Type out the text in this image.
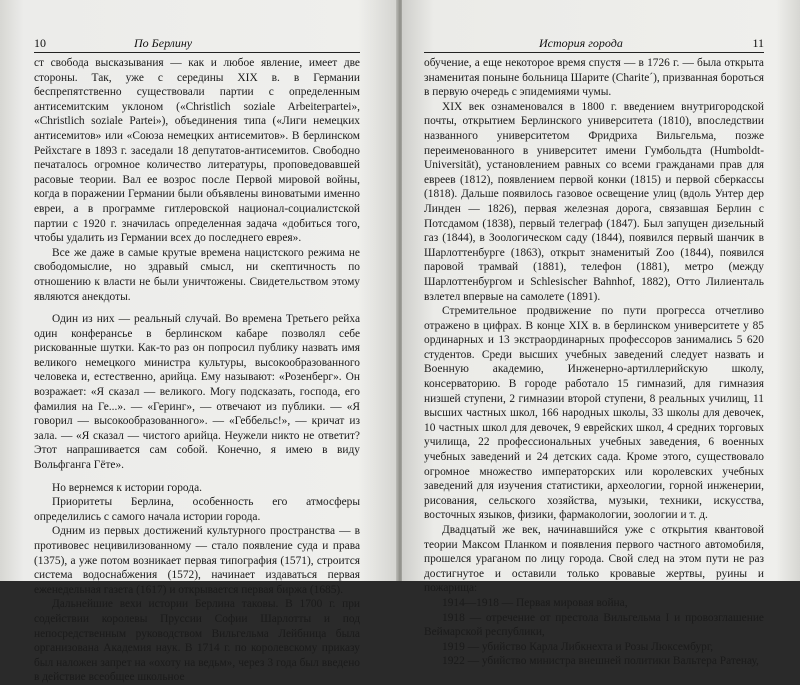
10	По Берлину

ст свобода высказывания — как и любое явление, имеет две стороны. Так, уже с середины XIX в. в Германии беспрепятственно существовали партии с определенным антисемитским уклоном («Christlich soziale Arbeiterpartei», «Christlich soziale Partei»), объединения типа («Лиги немецких антисемитов» или «Союза немецких антисемитов». В берлинском Рейхстаге в 1893 г. заседали 18 депутатов-антисемитов. Свободно печаталось огромное количество литературы, проповедовавшей расовые теории. Вал ее возрос после Первой мировой войны, когда в поражении Германии были объявлены виноватыми именно евреи, а в программе гитлеровской национал-социалистской партии с 1920 г. значилась определенная задача «добиться того, чтобы удалить из Германии всех до последнего еврея».

Все же даже в самые крутые времена нацистского режима не свободомыслие, но здравый смысл, ни скептичность по отношению к власти не были уничтожены. Свидетельством этому являются анекдоты.

Один из них — реальный случай. Во времена Третьего рейха один конферансье в берлинском кабаре позволял себе рискованные шутки. Как-то раз он попросил публику назвать имя великого немецкого министра культуры, высокообразованного человека и, естественно, арийца. Ему называют: «Розенберг». Он возражает: «Я сказал — великого. Могу подсказать, господа, его фамилия на Ге...». — «Геринг», — отвечают из публики. — «Я говорил — высокообразованного». — «Геббельс!», — кричат из зала. — «Я сказал — чистого арийца. Неужели никто не ответит? Этот напрашивается сам собой. Конечно, я имею в виду Вольфганга Гёте».

Но вернемся к истории города.

Приоритеты Берлина, особенность его атмосферы определились с самого начала истории города.

Одним из первых достижений культурного пространства — в противовес нецивилизованному — стало появление суда и права (1375), а уже потом возникает первая типография (1571), строится система водоснабжения (1572), начинает издаваться первая еженедельная газета (1617) и открывается первая биржа (1685).

Дальнейшие вехи истории Берлина таковы. В 1700 г. при содействии королевы Пруссии Софии Шарлотты и под непосредственным руководством Вильгельма Лейбница была организована Академия наук. В 1714 г. по королевскому приказу был наложен запрет на «охоту на ведьм», через 3 года был введено в действие всеобщее школьное

История города	11

обучение, а еще некоторое время спустя — в 1726 г. — была открыта знаменитая поныне больница Шарите (Charite´), призванная бороться в первую очередь с эпидемиями чумы.

XIX век ознаменовался в 1800 г. введением внутригородской почты, открытием Берлинского университета (1810), впоследствии названного университетом Фридриха Вильгельма, позже переименованного в университет имени Гумбольдта (Humboldt-Universität), установлением равных со всеми гражданами прав для евреев (1812), появлением первой конки (1815) и первой сберкассы (1818). Дальше появилось газовое освещение улиц (вдоль Унтер дер Линден — 1826), первая железная дорога, связавшая Берлин с Потсдамом (1838), первый телеграф (1847). Был запущен дизельный газ (1844), в Зоологическом саду (1844), появился первый шанчик в Шарлоттенбурге (1863), открыт знаменитый Zoo (1844), появился паровой трамвай (1881), телефон (1881), метро (между Шарлоттенбургом и Schlesischer Bahnhof, 1882), Отто Лилиенталь взлетел впервые на самолете (1891).

Стремительное продвижение по пути прогресса отчетливо отражено в цифрах. В конце XIX в. в берлинском университете у 85 ординарных и 13 экстраординарных профессоров занимались 5 620 студентов. Среди высших учебных заведений следует назвать и Военную академию, Инженерно-артиллерийскую школу, консерваторию. В городе работало 15 гимназий, для гимназия низшей ступени, 2 гимназии второй ступени, 8 реальных училищ, 11 высших частных школ, 166 народных школы, 33 школы для девочек, 10 частных школ для девочек, 9 еврейских школ, 4 средних торговых училища, 22 профессиональных учебных заведения, 6 военных учебных заведений и 24 детских сада. Кроме этого, существовало огромное множество императорских или королевских учебных заведений для изучения статистики, археологии, горной инженерии, рисования, сельского хозяйства, музыки, техники, искусства, восточных языков, физики, фармакологии, зоологии и т. д.

Двадцатый же век, начинавшийся уже с открытия квантовой теории Максом Планком и появления первого частного автомобиля, прошелся ураганом по лицу города. Свой след на этом пути не раз достигнутое и оставили только кровавые жертвы, руины и пожарища:

1914—1918 — Первая мировая война,

1918 — отречение от престола Вильгельма I и провозглашение Веймарской республики,

1919 — убийство Карла Либкнехта и Розы Люксембург,

1922 — убийство министра внешней политики Вальтера Ратенау,
